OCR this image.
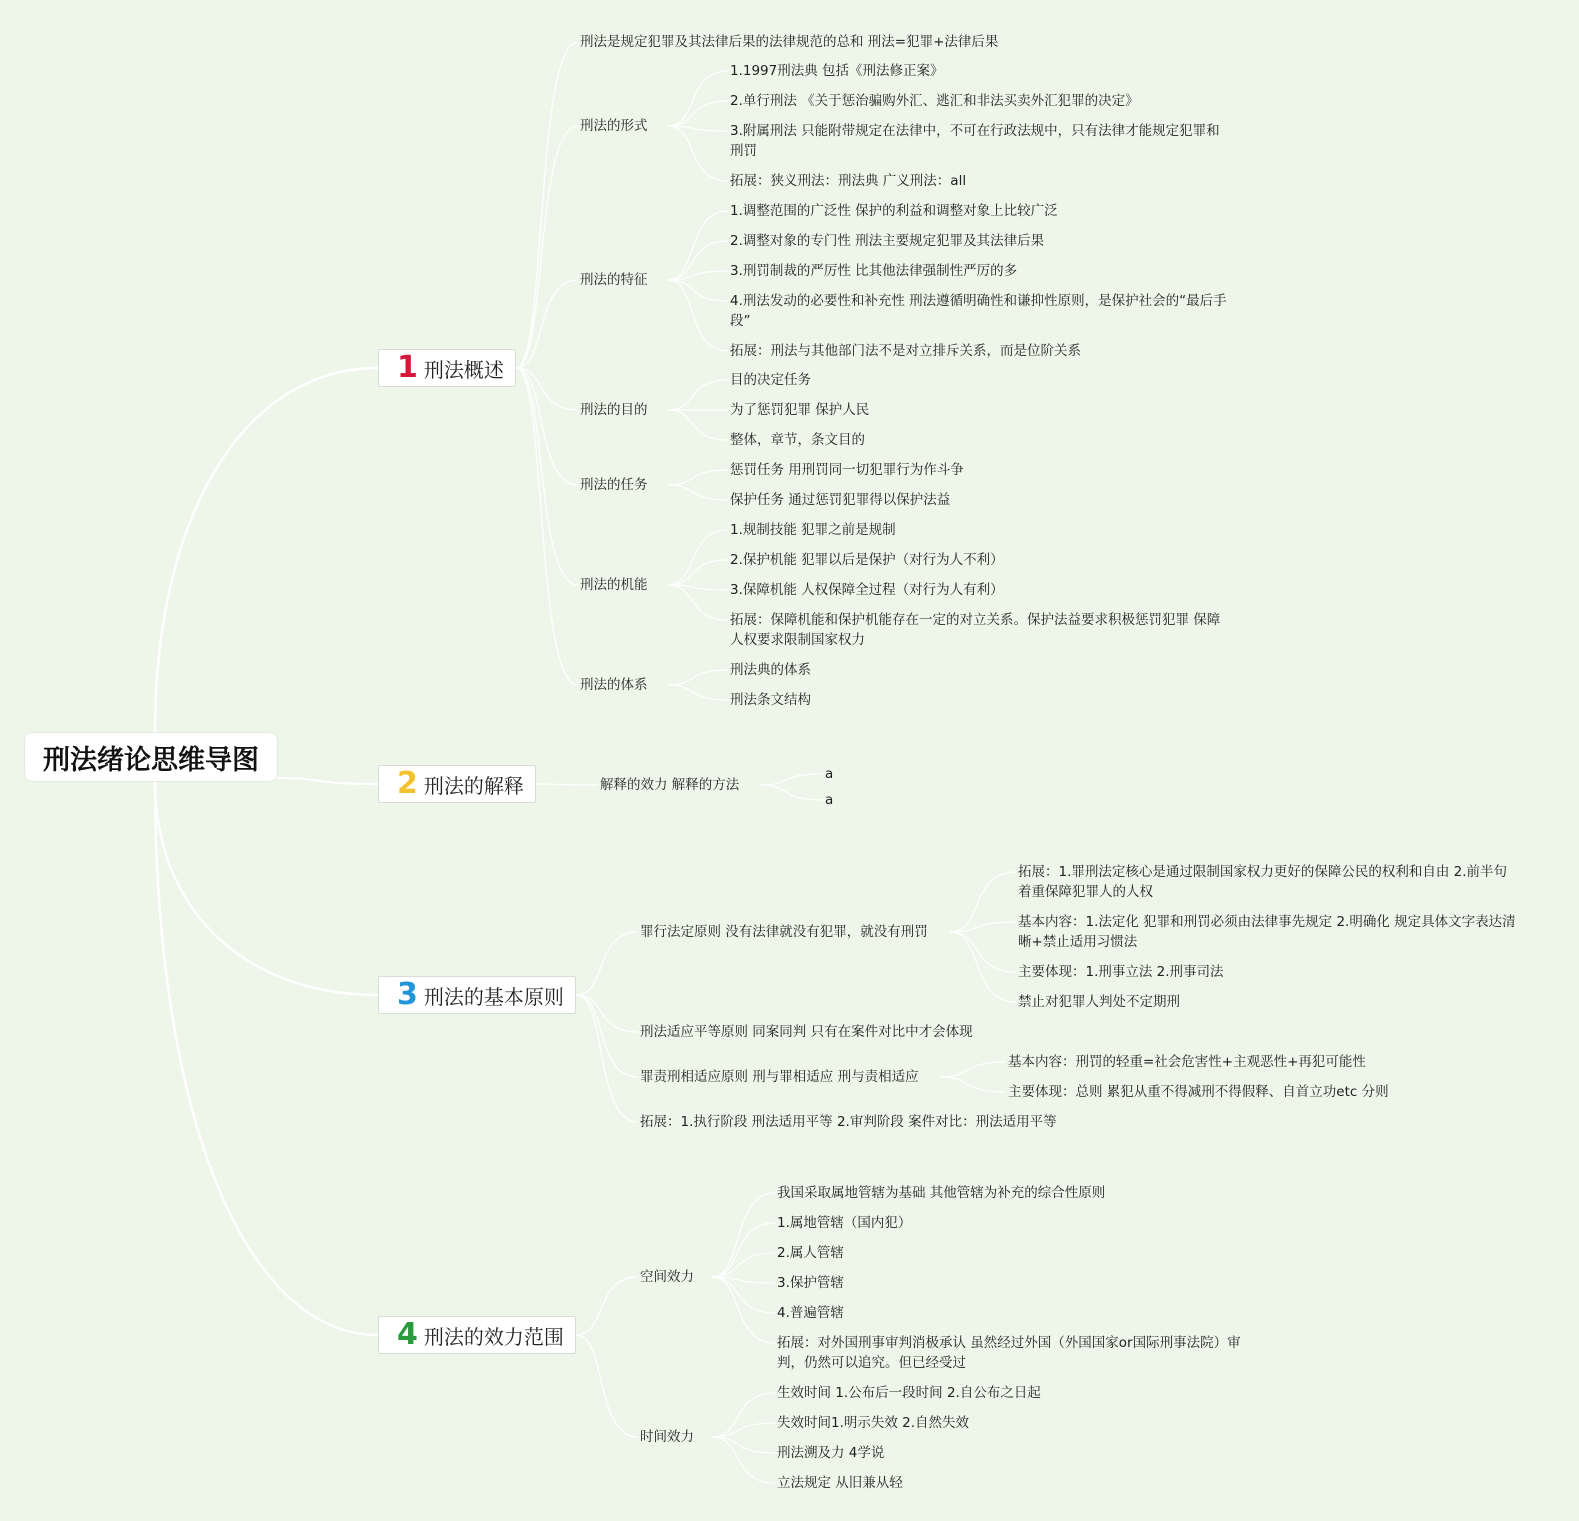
刑法绪论思维导图
1 刑法概述
刑法是规定犯罪及其法律后果的法律规范的总和 刑法=犯罪+法律后果
刑法的形式
1.1997刑法典 包括《刑法修正案》
2.单行刑法 《关于惩治骗购外汇、逃汇和非法买卖外汇犯罪的决定》
3.附属刑法 只能附带规定在法律中，不可在行政法规中，只有法律才能规定犯罪和刑罚
拓展：狭义刑法：刑法典 广义刑法：all
刑法的特征
1.调整范围的广泛性 保护的利益和调整对象上比较广泛
2.调整对象的专门性 刑法主要规定犯罪及其法律后果
3.刑罚制裁的严厉性 比其他法律强制性严厉的多
4.刑法发动的必要性和补充性 刑法遵循明确性和谦抑性原则，是保护社会的“最后手段”
拓展：刑法与其他部门法不是对立排斥关系，而是位阶关系
刑法的目的
目的决定任务
为了惩罚犯罪 保护人民
整体，章节，条文目的
刑法的任务
惩罚任务 用刑罚同一切犯罪行为作斗争
保护任务 通过惩罚犯罪得以保护法益
刑法的机能
1.规制技能 犯罪之前是规制
2.保护机能 犯罪以后是保护（对行为人不利）
3.保障机能 人权保障全过程（对行为人有利）
拓展：保障机能和保护机能存在一定的对立关系。保护法益要求积极惩罚犯罪 保障人权要求限制国家权力
刑法的体系
刑法典的体系
刑法条文结构
2 刑法的解释	解释的效力 解释的方法
a
a
3 刑法的基本原则
罪行法定原则 没有法律就没有犯罪，就没有刑罚
拓展：1.罪刑法定核心是通过限制国家权力更好的保障公民的权利和自由 2.前半句着重保障犯罪人的人权
基本内容：1.法定化 犯罪和刑罚必须由法律事先规定 2.明确化 规定具体文字表达清晰+禁止适用习惯法
主要体现：1.刑事立法 2.刑事司法
禁止对犯罪人判处不定期刑
刑法适应平等原则 同案同判 只有在案件对比中才会体现
罪责刑相适应原则 刑与罪相适应 刑与责相适应
基本内容：刑罚的轻重=社会危害性+主观恶性+再犯可能性
主要体现：总则 累犯从重不得减刑不得假释、自首立功etc 分则
拓展：1.执行阶段 刑法适用平等 2.审判阶段 案件对比：刑法适用平等
4 刑法的效力范围
空间效力
我国采取属地管辖为基础 其他管辖为补充的综合性原则
1.属地管辖（国内犯）
2.属人管辖
3.保护管辖
4.普遍管辖
拓展：对外国刑事审判消极承认 虽然经过外国（外国国家or国际刑事法院）审判，仍然可以追究。但已经受过
时间效力
生效时间 1.公布后一段时间 2.自公布之日起
失效时间1.明示失效 2.自然失效
刑法溯及力 4学说
立法规定 从旧兼从轻
